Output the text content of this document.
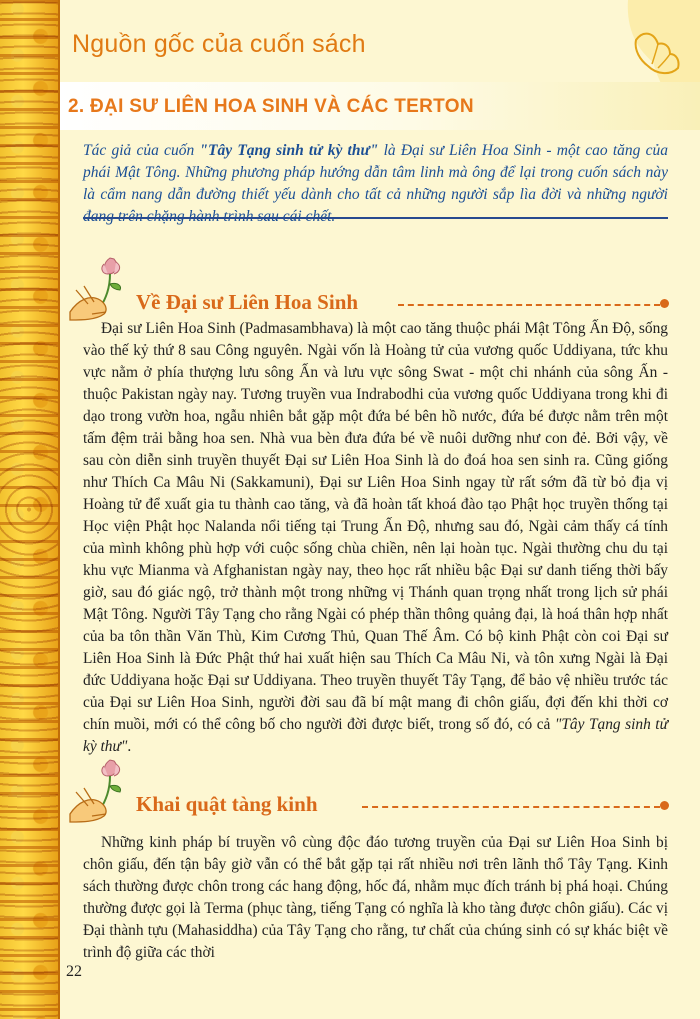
Nguồn gốc của cuốn sách
2. ĐẠI SƯ LIÊN HOA SINH VÀ CÁC TERTON
Tác giả của cuốn "Tây Tạng sinh tử kỳ thư" là Đại sư Liên Hoa Sinh - một cao tăng của phái Mật Tông. Những phương pháp hướng dẫn tâm linh mà ông để lại trong cuốn sách này là cẩm nang dẫn đường thiết yếu dành cho tất cả những người sắp lìa đời và những người
Về Đại sư Liên Hoa Sinh

Đại sư Liên Hoa Sinh (Padmasambhava) là một cao tăng thuộc phái Mật Tông Ấn Độ, sống vào thế kỷ thứ 8 sau Công nguyên. Ngài vốn là Hoàng tử của vương quốc Uddiyana, tức khu vực nằm ở phía thượng lưu sông Ấn và lưu vực sông Swat - một chi nhánh của sông Ấn - thuộc Pakistan ngày nay. Tương truyền vua Indrabodhi của vương quốc Uddiyana trong khi đi dạo trong vườn hoa, ngẫu nhiên bắt gặp một đứa bé bên hồ nước, đứa bé được nằm trên một tấm đệm trải bằng hoa sen. Nhà vua bèn đưa đứa bé về nuôi dưỡng như con đẻ. Bởi vậy, về sau còn diễn sinh truyền thuyết Đại sư Liên Hoa Sinh là do đoá hoa sen sinh ra. Cũng giống như Thích Ca Mâu Ni (Sakkamuni), Đại sư Liên Hoa Sinh ngay từ rất sớm đã từ bỏ địa vị Hoàng tử để xuất gia tu thành cao tăng, và đã hoàn tất khoá đào tạo Phật học truyền thống tại Học viện Phật học Nalanda nổi tiếng tại Trung Ấn Độ, nhưng sau đó, Ngài cảm thấy cá tính của mình không phù hợp với cuộc sống chùa chiền, nên lại hoàn tục. Ngài thường chu du tại khu vực Mianma và Afghanistan ngày nay, theo học rất nhiều bậc Đại sư danh tiếng thời bấy giờ, sau đó giác ngộ, trở thành một trong những vị Thánh quan trọng nhất trong lịch sử phái Mật Tông. Người Tây Tạng cho rằng Ngài có phép thần thông quảng đại, là hoá thân hợp nhất của ba tôn thần Văn Thù, Kim Cương Thủ, Quan Thế Âm. Có bộ kinh Phật còn coi Đại sư Liên Hoa Sinh là Đức Phật thứ hai xuất hiện sau Thích Ca Mâu Ni, và tôn xưng Ngài là Đại đức Uddiyana hoặc Đại sư Uddiyana. Theo truyền thuyết Tây Tạng, để bảo vệ nhiều trước tác của Đại sư Liên Hoa Sinh, người đời sau đã bí mật mang đi chôn giấu, đợi đến khi thời cơ chín muồi, mới có thể công bố cho người đời được biết, trong số đó, có cả "Tây Tạng sinh tử kỳ thư".

Khai quật tàng kinh

Những kinh pháp bí truyền vô cùng độc đáo tương truyền của Đại sư Liên Hoa Sinh bị chôn giấu, đến tận bây giờ vẫn có thể bắt gặp tại rất nhiều nơi trên lãnh thổ Tây Tạng. Kinh sách thường được chôn trong các hang động, hốc đá, nhằm mục đích tránh bị phá hoại. Chúng thường được gọi là Terma (phục tàng, tiếng Tạng có nghĩa là kho tàng được chôn giấu). Các vị Đại thành tựu (Mahasiddha) của Tây Tạng cho rằng, tư chất của chúng sinh có sự khác biệt về trình độ giữa các thời

22
